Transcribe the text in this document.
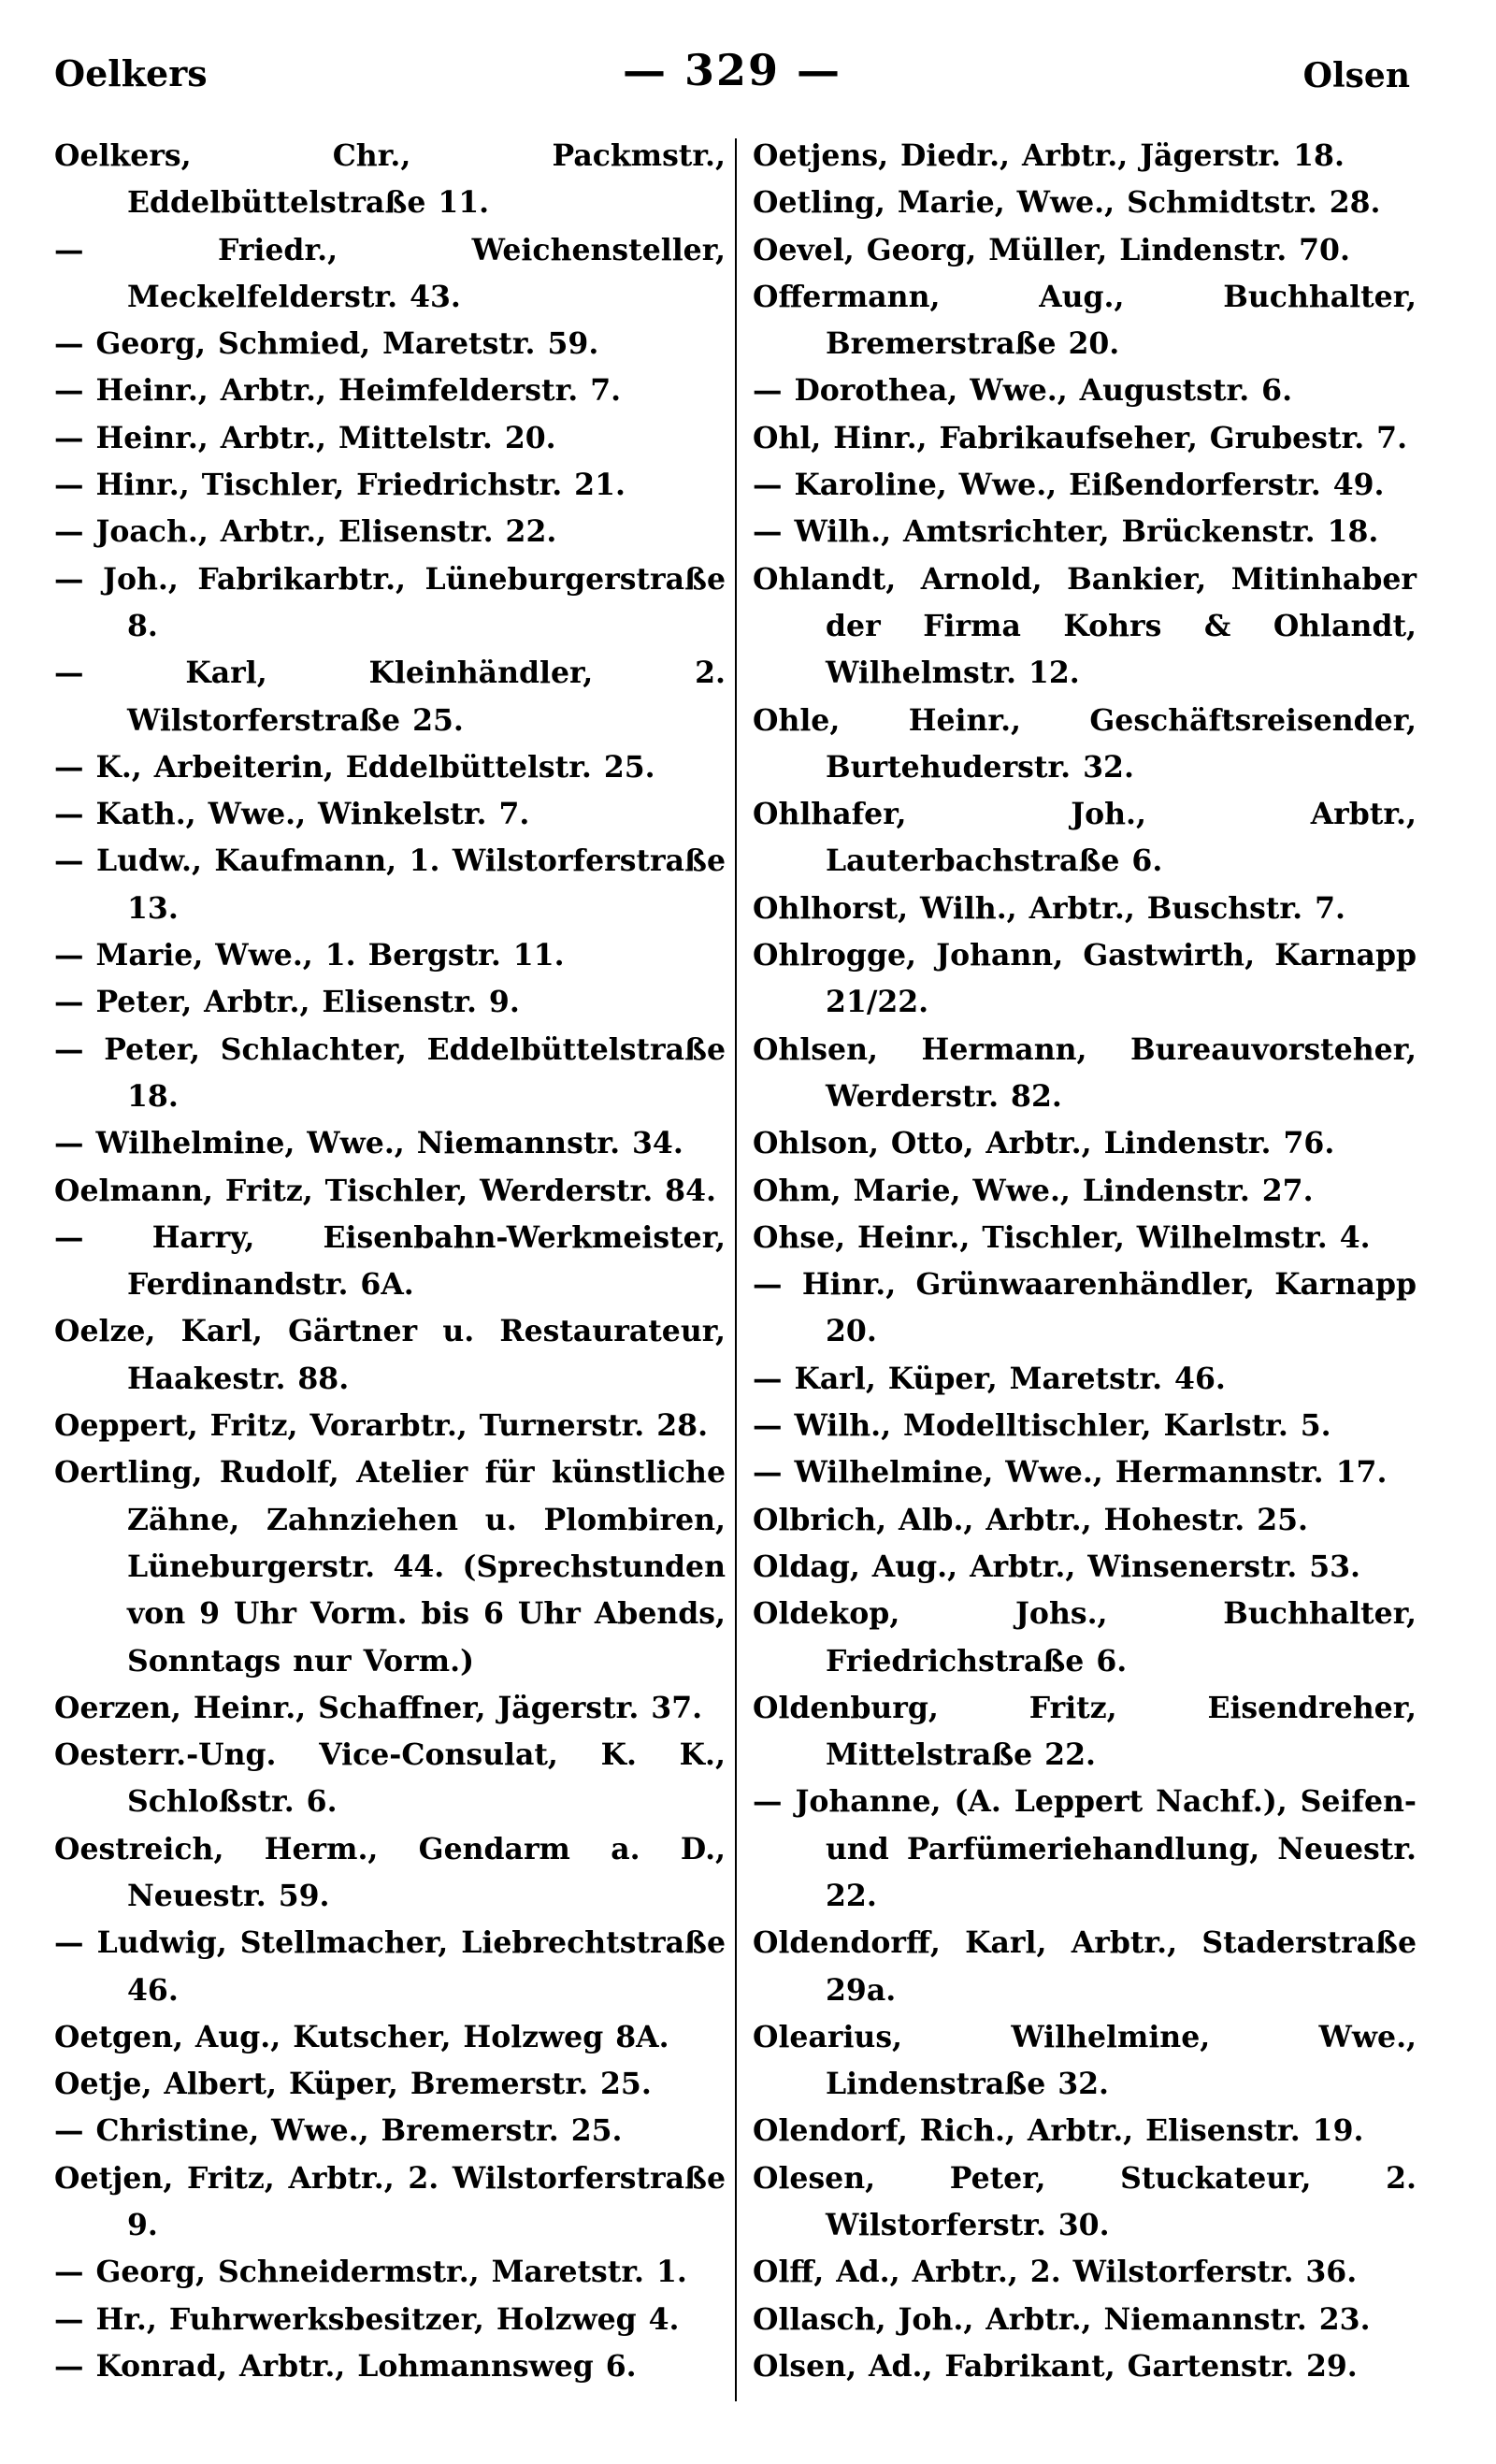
Oelkers	— 329 —	Olsen
Oelkers, Chr., Packmstr., Eddelbüttelstraße 11.
— Friedr., Weichensteller, Meckelfelderstr. 43.
— Georg, Schmied, Maretstr. 59.
— Heinr., Arbtr., Heimfelderstr. 7.
— Heinr., Arbtr., Mittelstr. 20.
— Hinr., Tischler, Friedrichstr. 21.
— Joach., Arbtr., Elisenstr. 22.
— Joh., Fabrikarbtr., Lüneburgerstraße 8.
— Karl, Kleinhändler, 2. Wilstorferstraße 25.
— K., Arbeiterin, Eddelbüttelstr. 25.
— Kath., Wwe., Winkelstr. 7.
— Ludw., Kaufmann, 1. Wilstorferstraße 13.
— Marie, Wwe., 1. Bergstr. 11.
— Peter, Arbtr., Elisenstr. 9.
— Peter, Schlachter, Eddelbüttelstraße 18.
— Wilhelmine, Wwe., Niemannstr. 34.
Oelmann, Fritz, Tischler, Werderstr. 84.
— Harry, Eisenbahn-Werkmeister, Ferdinandstr. 6A.
Oelze, Karl, Gärtner u. Restaurateur, Haakestr. 88.
Oeppert, Fritz, Vorarbtr., Turnerstr. 28.
Oertling, Rudolf, Atelier für künstliche Zähne, Zahnziehen u. Plombiren, Lüneburgerstr. 44. (Sprechstunden von 9 Uhr Vorm. bis 6 Uhr Abends, Sonntags nur Vorm.)
Oerzen, Heinr., Schaffner, Jägerstr. 37.
Oesterr.-Ung. Vice-Consulat, K. K., Schloßstr. 6.
Oestreich, Herm., Gendarm a. D., Neuestr. 59.
— Ludwig, Stellmacher, Liebrechtstraße 46.
Oetgen, Aug., Kutscher, Holzweg 8A.
Oetje, Albert, Küper, Bremerstr. 25.
— Christine, Wwe., Bremerstr. 25.
Oetjen, Fritz, Arbtr., 2. Wilstorferstraße 9.
— Georg, Schneidermstr., Maretstr. 1.
— Hr., Fuhrwerksbesitzer, Holzweg 4.
— Konrad, Arbtr., Lohmannsweg 6.
Oetjens, Diedr., Arbtr., Jägerstr. 18.
Oetling, Marie, Wwe., Schmidtstr. 28.
Oevel, Georg, Müller, Lindenstr. 70.
Offermann, Aug., Buchhalter, Bremerstraße 20.
— Dorothea, Wwe., Auguststr. 6.
Ohl, Hinr., Fabrikaufseher, Grubestr. 7.
— Karoline, Wwe., Eißendorferstr. 49.
— Wilh., Amtsrichter, Brückenstr. 18.
Ohlandt, Arnold, Bankier, Mitinhaber der Firma Kohrs & Ohlandt, Wilhelmstr. 12.
Ohle, Heinr., Geschäftsreisender, Burtehuderstr. 32.
Ohlhafer, Joh., Arbtr., Lauterbachstraße 6.
Ohlhorst, Wilh., Arbtr., Buschstr. 7.
Ohlrogge, Johann, Gastwirth, Karnapp 21/22.
Ohlsen, Hermann, Bureauvorsteher, Werderstr. 82.
Ohlson, Otto, Arbtr., Lindenstr. 76.
Ohm, Marie, Wwe., Lindenstr. 27.
Ohse, Heinr., Tischler, Wilhelmstr. 4.
— Hinr., Grünwaarenhändler, Karnapp 20.
— Karl, Küper, Maretstr. 46.
— Wilh., Modelltischler, Karlstr. 5.
— Wilhelmine, Wwe., Hermannstr. 17.
Olbrich, Alb., Arbtr., Hohestr. 25.
Oldag, Aug., Arbtr., Winsenerstr. 53.
Oldekop, Johs., Buchhalter, Friedrichstraße 6.
Oldenburg, Fritz, Eisendreher, Mittelstraße 22.
— Johanne, (A. Leppert Nachf.), Seifen- und Parfümeriehandlung, Neuestr. 22.
Oldendorff, Karl, Arbtr., Staderstraße 29a.
Olearius, Wilhelmine, Wwe., Lindenstraße 32.
Olendorf, Rich., Arbtr., Elisenstr. 19.
Olesen, Peter, Stuckateur, 2. Wilstorferstr. 30.
Olff, Ad., Arbtr., 2. Wilstorferstr. 36.
Ollasch, Joh., Arbtr., Niemannstr. 23.
Olsen, Ad., Fabrikant, Gartenstr. 29.
